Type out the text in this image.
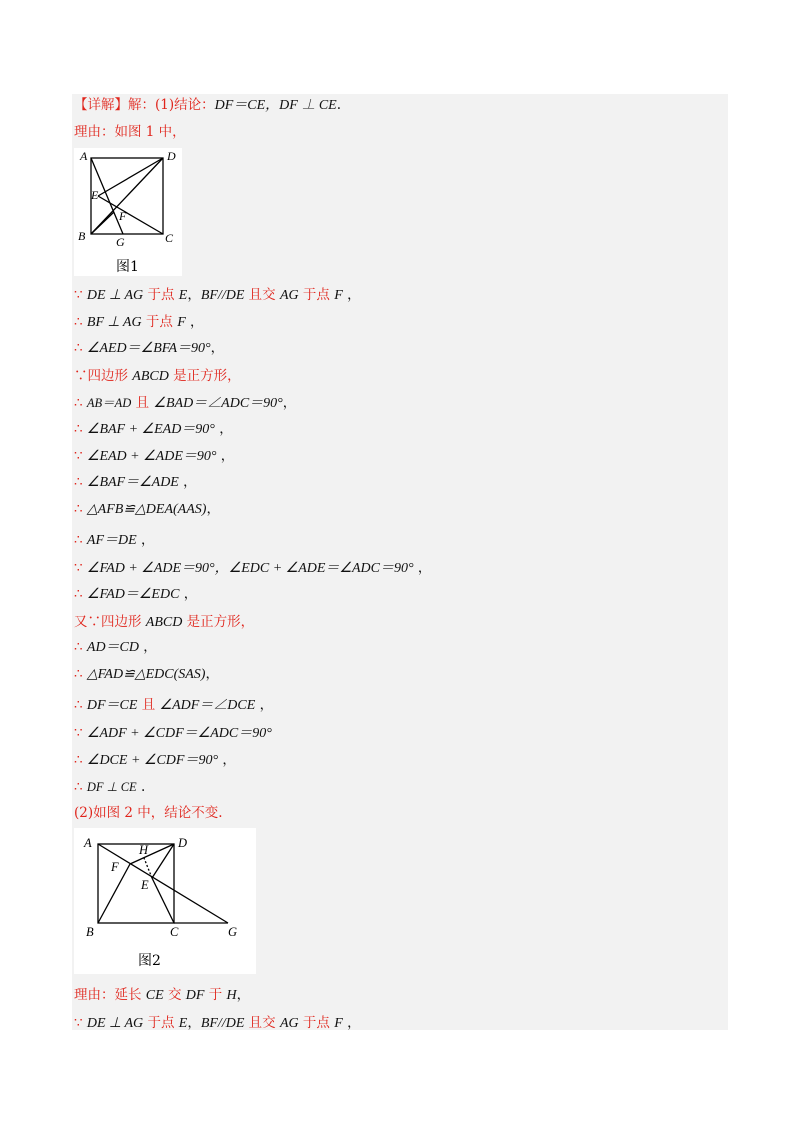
【详解】解：(1)结论：DF＝CE，DF ⊥ CE.
理由：如图 1 中，
∵ DE ⊥ AG 于点 E，BF//DE 且交 AG 于点 F ，
∴ BF ⊥ AG 于点 F ，
∴ ∠AED＝∠BFA＝90°，
∵四边形 ABCD 是正方形，
∴ AB＝AD 且 ∠BAD＝∠ADC＝90°，
∴ ∠BAF + ∠EAD＝90° ，
∵ ∠EAD + ∠ADE＝90° ，
∴ ∠BAF＝∠ADE ，
∴ △AFB≌△DEA(AAS)，
∴ AF＝DE ，
∵ ∠FAD + ∠ADE＝90°，∠EDC + ∠ADE＝∠ADC＝90° ，
∴ ∠FAD＝∠EDC ，
又∵四边形 ABCD 是正方形，
∴ AD＝CD ，
∴ △FAD≌△EDC(SAS)，
∴ DF＝CE 且 ∠ADF＝∠DCE ，
∵ ∠ADF + ∠CDF＝∠ADC＝90°
∴ ∠DCE + ∠CDF＝90° ，
∴ DF ⊥ CE .
(2)如图 2 中，结论不变.
理由：延长 CE 交 DF 于 H，
∵ DE ⊥ AG 于点 E，BF//DE 且交 AG 于点 F ，
A	D
B	C
E
F
G
图1
A	D
B	C	G
F
H
E
图2
